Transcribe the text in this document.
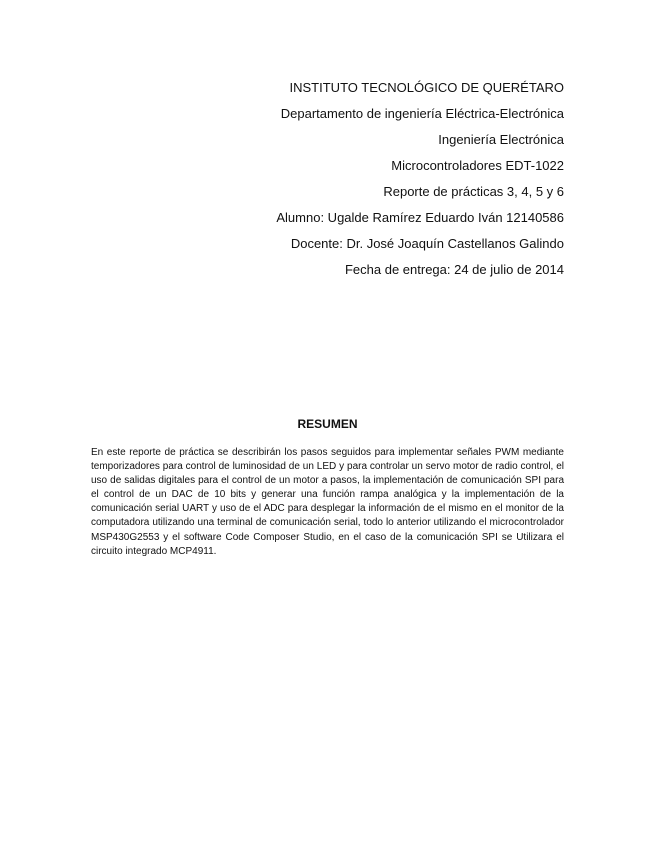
INSTITUTO TECNOLÓGICO DE QUERÉTARO

Departamento de ingeniería Eléctrica-Electrónica

Ingeniería Electrónica

Microcontroladores EDT-1022

Reporte de prácticas 3, 4, 5 y 6

Alumno: Ugalde Ramírez Eduardo Iván 12140586

Docente: Dr. José Joaquín Castellanos Galindo

Fecha de entrega: 24 de julio de 2014

RESUMEN

En este reporte de práctica se describirán los pasos seguidos para implementar señales PWM mediante temporizadores para control de luminosidad de un LED y para controlar un servo motor de radio control, el uso de salidas digitales para el control de un motor a pasos, la implementación de comunicación SPI para el control de un DAC de 10 bits y generar una función rampa analógica y la implementación de la comunicación serial UART y uso de el ADC para desplegar la información de el mismo en el monitor de la computadora utilizando una terminal de comunicación serial, todo lo anterior utilizando el microcontrolador MSP430G2553 y el software Code Composer Studio, en el caso de la comunicación SPI se Utilizara el circuito integrado MCP4911.
